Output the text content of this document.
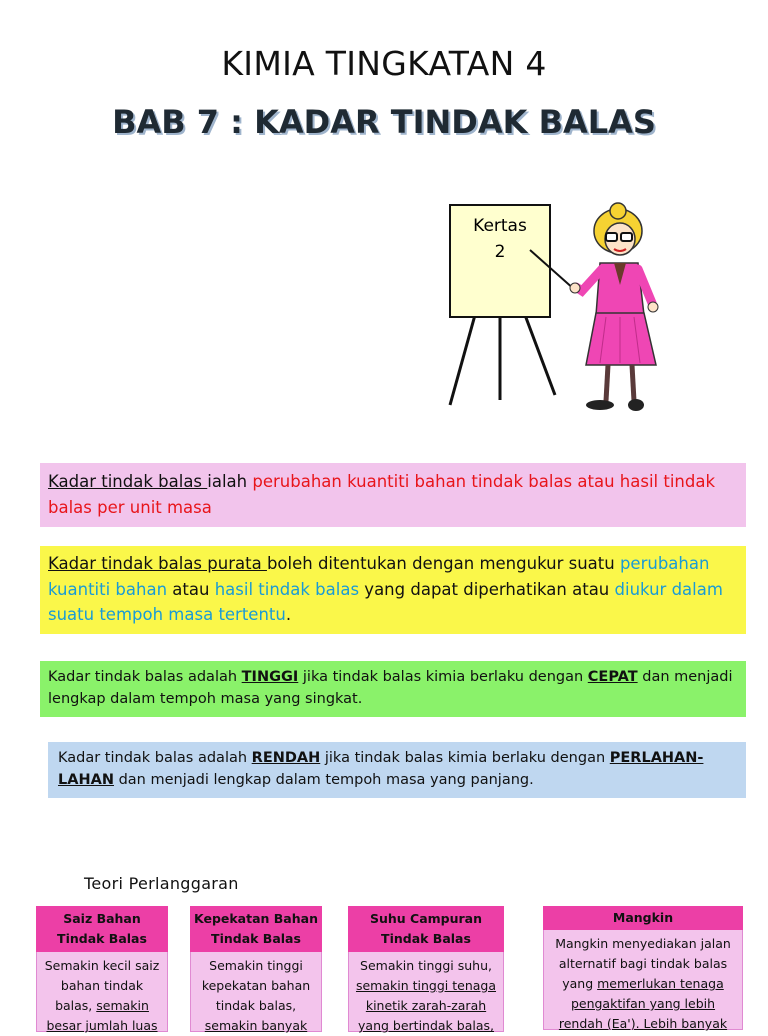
KIMIA TINGKATAN 4
BAB 7 : KADAR TINDAK BALAS
Kertas
2
Kadar tindak balas ialah perubahan kuantiti bahan tindak balas atau hasil tindak balas per unit masa
Kadar tindak balas purata boleh ditentukan dengan mengukur suatu perubahan kuantiti bahan atau hasil tindak balas yang dapat diperhatikan atau diukur dalam suatu tempoh masa tertentu.
Kadar tindak balas adalah TINGGI jika tindak balas kimia berlaku dengan CEPAT dan menjadi lengkap dalam tempoh masa yang singkat.
Kadar tindak balas adalah RENDAH jika tindak balas kimia berlaku dengan PERLAHAN-LAHAN dan menjadi lengkap dalam tempoh masa yang panjang.
Teori Perlanggaran
Saiz Bahan
Tindak Balas
Semakin kecil saiz
bahan tindak
balas, semakin
besar jumlah luas
Kepekatan Bahan
Tindak Balas
Semakin tinggi
kepekatan bahan
tindak balas,
semakin banyak
Suhu Campuran
Tindak Balas
Semakin tinggi suhu,
semakin tinggi tenaga
kinetik zarah-zarah
yang bertindak balas,
Mangkin
Mangkin menyediakan jalan
alternatif bagi tindak balas
yang memerlukan tenaga
pengaktifan yang lebih
rendah (Ea'). Lebih banyak
